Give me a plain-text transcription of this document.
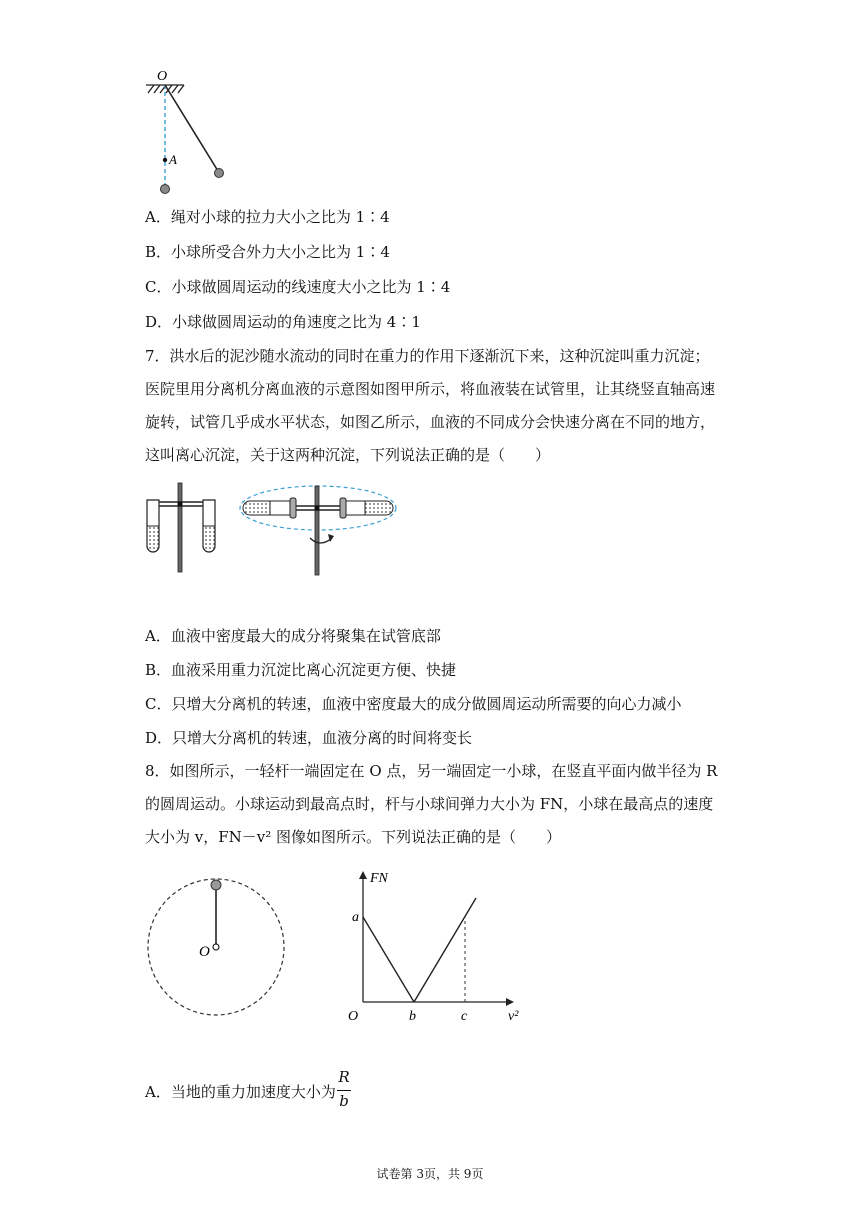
O
A
A．绳对小球的拉力大小之比为 1∶4
B．小球所受合外力大小之比为 1∶4
C．小球做圆周运动的线速度大小之比为 1∶4
D．小球做圆周运动的角速度之比为 4∶1
7．洪水后的泥沙随水流动的同时在重力的作用下逐渐沉下来，这种沉淀叫重力沉淀；
医院里用分离机分离血液的示意图如图甲所示，将血液装在试管里，让其绕竖直轴高速
旋转，试管几乎成水平状态，如图乙所示，血液的不同成分会快速分离在不同的地方，
这叫离心沉淀，关于这两种沉淀，下列说法正确的是（　　）
A．血液中密度最大的成分将聚集在试管底部
B．血液采用重力沉淀比离心沉淀更方便、快捷
C．只增大分离机的转速，血液中密度最大的成分做圆周运动所需要的向心力减小
D．只增大分离机的转速，血液分离的时间将变长
8．如图所示，一轻杆一端固定在 O 点，另一端固定一小球，在竖直平面内做半径为 R
的圆周运动。小球运动到最高点时，杆与小球间弹力大小为 FN，小球在最高点的速度
大小为 v，FN－v² 图像如图所示。下列说法正确的是（　　）
O
FN
v²
O
a
b	c
A．当地的重力加速度大小为
R
b
试卷第 3页，共 9页
